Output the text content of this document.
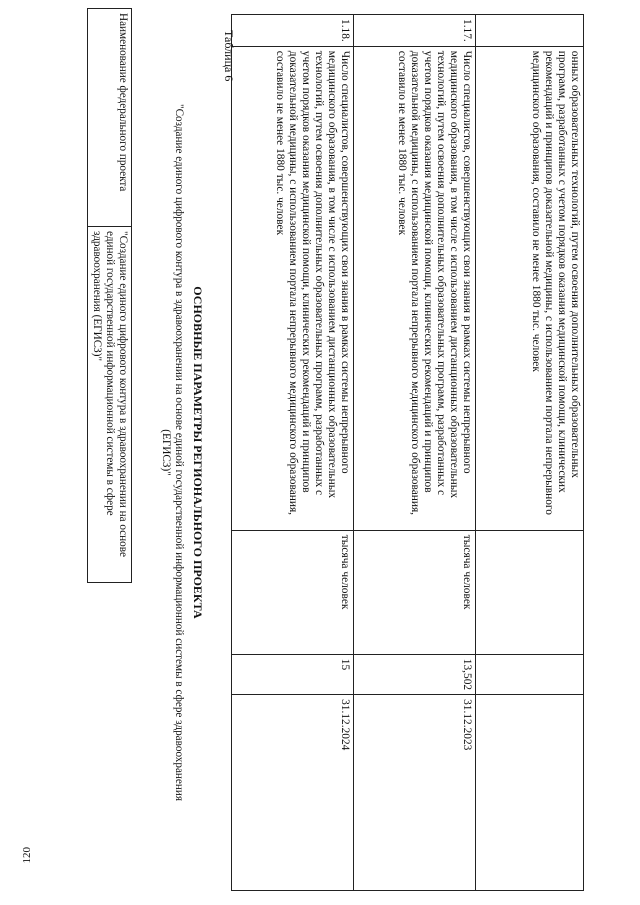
120
	онных образовательных технологий, путем освоения дополнительных образовательных программ, разработанных с учетом порядков оказания медицинской помощи, клинических рекомендаций и принципов доказательной медицины, с использованием портала непрерывного медицинского образования, составило не менее 1880 тыс. человек			
1.17.	Число специалистов, совершенствующих свои знания в рамках системы непрерывного медицинского образования, в том числе с использованием дистанционных образовательных технологий, путем освоения дополнительных образовательных программ, разработанных с учетом порядков оказания медицинской помощи, клинических рекомендаций и принципов доказательной медицины, с использованием портала непрерывного медицинского образования, составило не менее 1880 тыс. человек	тысяча человек	13,502	31.12.2023
1.18.	Число специалистов, совершенствующих свои знания в рамках системы непрерывного медицинского образования, в том числе с использованием дистанционных образовательных технологий, путем освоения дополнительных образовательных программ, разработанных с учетом порядков оказания медицинской помощи, клинических рекомендаций и принципов доказательной медицины, с использованием портала непрерывного медицинского образования, составило не менее 1880 тыс. человек	тысяча человек	15	31.12.2024
Таблица 6
ОСНОВНЫЕ ПАРАМЕТРЫ РЕГИОНАЛЬНОГО ПРОЕКТА
"Создание единого цифрового контура в здравоохранении на основе единой государственной информационной системы в сфере здравоохранения (ЕГИСЗ)"
Наименование федерального проекта	"Создание единого цифрового контура в здравоохранении на основе единой государственной информационной системы в сфере здравоохранения (ЕГИСЗ)"
